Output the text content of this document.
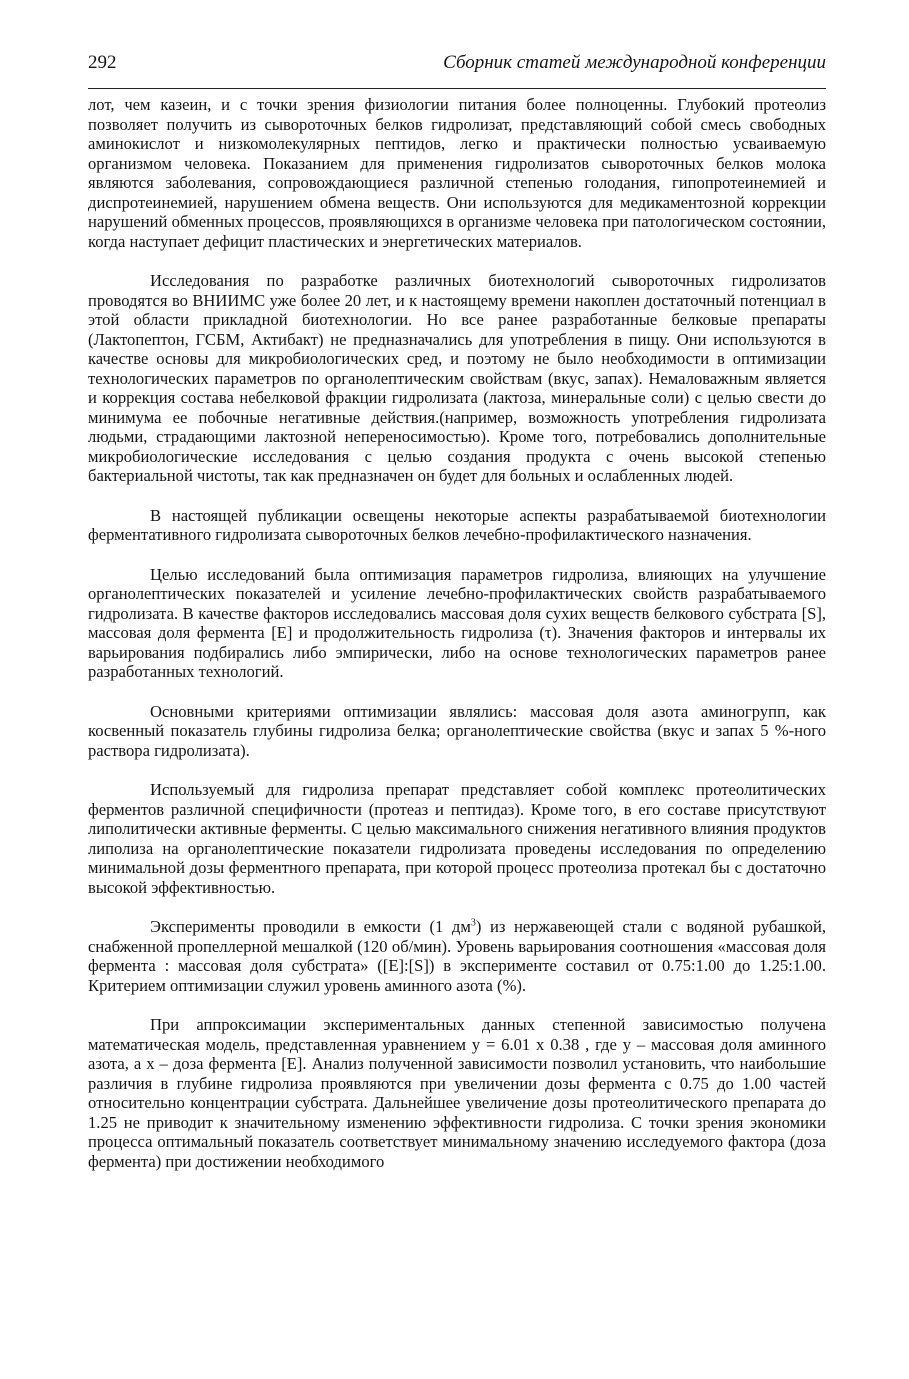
292	Сборник статей международной конференции

лот, чем казеин, и с точки зрения физиологии питания более полноценны. Глубокий протеолиз позволяет получить из сывороточных белков гидролизат, представляющий собой смесь свободных аминокислот и низкомолекулярных пептидов, легко и практически полностью усваиваемую организмом человека. Показанием для применения гидролизатов сывороточных белков молока являются заболевания, сопровождающиеся различной степенью голодания, гипопротеинемией и диспротеинемией, нарушением обмена веществ. Они используются для медикаментозной коррекции нарушений обменных процессов, проявляющихся в организме человека при патологическом состоянии, когда наступает дефицит пластических и энергетических материалов.

Исследования по разработке различных биотехнологий сывороточных гидролизатов проводятся во ВНИИМС уже более 20 лет, и к настоящему времени накоплен достаточный потенциал в этой области прикладной биотехнологии. Но все ранее разработанные белковые препараты (Лактопептон, ГСБМ, Актибакт) не предназначались для употребления в пищу. Они используются в качестве основы для микробиологических сред, и поэтому не было необходимости в оптимизации технологических параметров по органолептическим свойствам (вкус, запах). Немаловажным является и коррекция состава небелковой фракции гидролизата (лактоза, минеральные соли) с целью свести до минимума ее побочные негативные действия.(например, возможность употребления гидролизата людьми, страдающими лактозной непереносимостью). Кроме того, потребовались дополнительные микробиологические исследования с целью создания продукта с очень высокой степенью бактериальной чистоты, так как предназначен он будет для больных и ослабленных людей.

В настоящей публикации освещены некоторые аспекты разрабатываемой биотехнологии ферментативного гидролизата сывороточных белков лечебно-профилактического назначения.

Целью исследований была оптимизация параметров гидролиза, влияющих на улучшение органолептических показателей и усиление лечебно-профилактических свойств разрабатываемого гидролизата. В качестве факторов исследовались массовая доля сухих веществ белкового субстрата [S], массовая доля фермента [E] и продолжительность гидролиза (τ). Значения факторов и интервалы их варьирования подбирались либо эмпирически, либо на основе технологических параметров ранее разработанных технологий.

Основными критериями оптимизации являлись: массовая доля азота аминогрупп, как косвенный показатель глубины гидролиза белка; органолептические свойства (вкус и запах 5 %-ного раствора гидролизата).

Используемый для гидролиза препарат представляет собой комплекс протеолитических ферментов различной специфичности (протеаз и пептидаз). Кроме того, в его составе присутствуют липолитически активные ферменты. С целью максимального снижения негативного влияния продуктов липолиза на органолептические показатели гидролизата проведены исследования по определению минимальной дозы ферментного препарата, при которой процесс протеолиза протекал бы с достаточно высокой эффективностью.

Эксперименты проводили в емкости (1 $дм^3$) из нержавеющей стали с водяной рубашкой, снабженной пропеллерной мешалкой (120 об/мин). Уровень варьирования соотношения «массовая доля фермента : массовая доля субстрата» ([E]:[S]) в эксперименте составил от 0.75:1.00 до 1.25:1.00. Критерием оптимизации служил уровень аминного азота (%).

При аппроксимации экспериментальных данных степенной зависимостью получена математическая модель, представленная уравнением y = 6.01 x 0.38 , где y – массовая доля аминного азота, а x – доза фермента [E]. Анализ полученной зависимости позволил установить, что наибольшие различия в глубине гидролиза проявляются при увеличении дозы фермента с 0.75 до 1.00 частей относительно концентрации субстрата. Дальнейшее увеличение дозы протеолитического препарата до 1.25 не приводит к значительному изменению эффективности гидролиза. С точки зрения экономики процесса оптимальный показатель соответствует минимальному значению исследуемого фактора (доза фермента) при достижении необходимого
